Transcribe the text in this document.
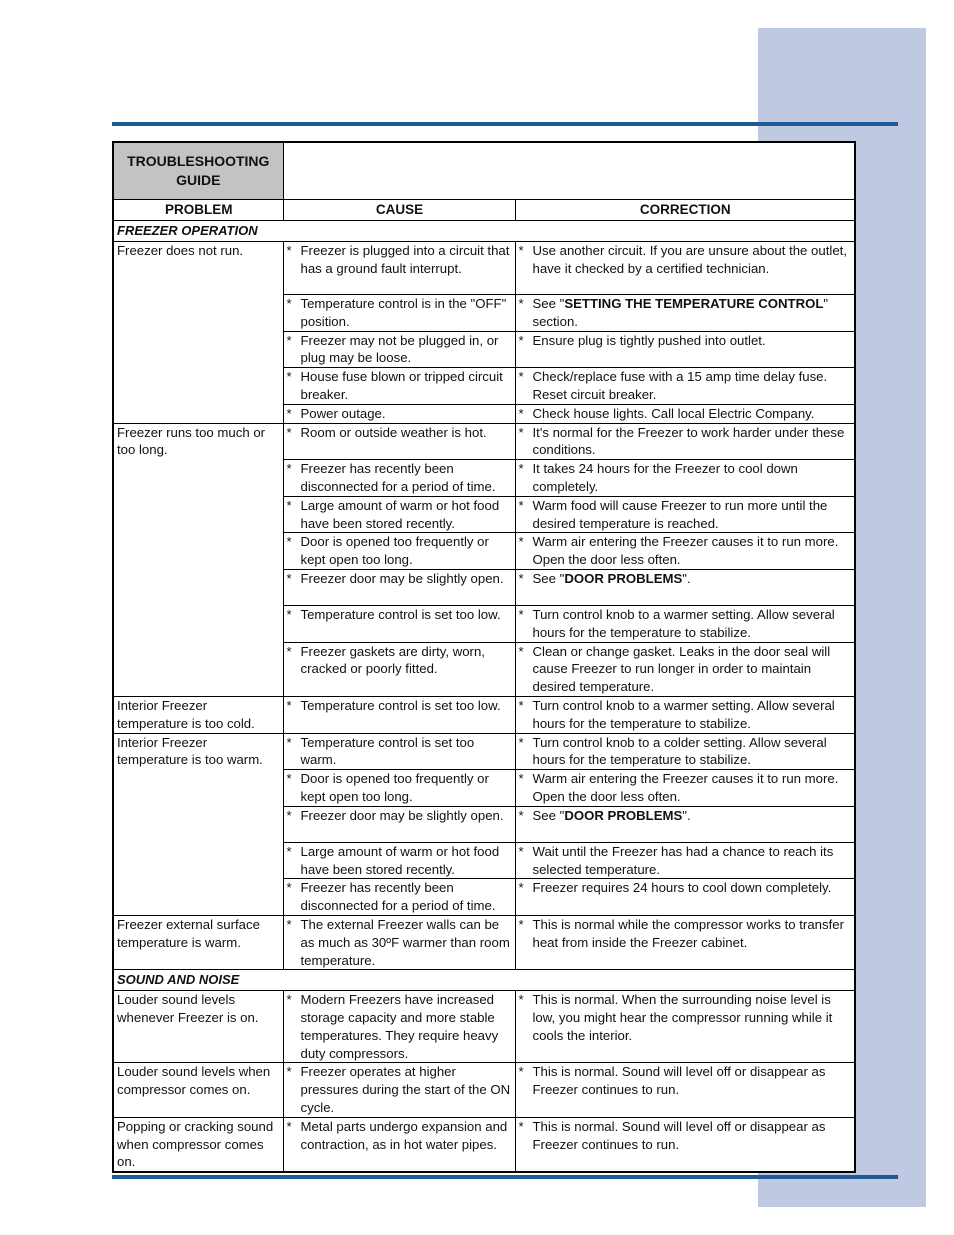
TROUBLESHOOTING GUIDE		
PROBLEM	CAUSE	CORRECTION
FREEZER OPERATION		
Freezer does not run.	* Freezer is plugged into a circuit that has a ground fault interrupt.	* Use another circuit. If you are unsure about the outlet, have it checked by a certified technician.

	* Temperature control is in the "OFF" position.	* See "SETTING THE TEMPERATURE CONTROL" section.

	* Freezer may not be plugged in, or plug may be loose.	* Ensure plug is tightly pushed into outlet.

	* House fuse blown or tripped circuit breaker.	* Check/replace fuse with a 15 amp time delay fuse. Reset circuit breaker.

	* Power outage.	* Check house lights. Call local Electric Company.

Freezer runs too much or too long.	* Room or outside weather is hot.	* It's normal for the Freezer to work harder under these conditions.

	* Freezer has recently been disconnected for a period of time.	* It takes 24 hours for the Freezer to cool down completely.

	* Large amount of warm or hot food have been stored recently.	* Warm food will cause Freezer to run more until the desired temperature is reached.

	* Door is opened too frequently or kept open too long.	* Warm air entering the Freezer causes it to run more. Open the door less often.

	* Freezer door may be slightly open.	* See "DOOR PROBLEMS".

	* Temperature control is set too low.	* Turn control knob to a warmer setting. Allow several hours for the temperature to stabilize.

	* Freezer gaskets are dirty, worn, cracked or poorly fitted.	* Clean or change gasket. Leaks in the door seal will cause Freezer to run longer in order to maintain desired temperature.

Interior Freezer temperature is too cold.	* Temperature control is set too low.	* Turn control knob to a warmer setting. Allow several hours for the temperature to stabilize.

Interior Freezer temperature is too warm.	* Temperature control is set too warm.	* Turn control knob to a colder setting. Allow several hours for the temperature to stabilize.

	* Door is opened too frequently or kept open too long.	* Warm air entering the Freezer causes it to run more. Open the door less often.

	* Freezer door may be slightly open.	* See "DOOR PROBLEMS".

	* Large amount of warm or hot food have been stored recently.	* Wait until the Freezer has had a chance to reach its selected temperature.

	* Freezer has recently been disconnected for a period of time.	* Freezer requires 24 hours to cool down completely.

Freezer external surface temperature is warm.	* The external Freezer walls can be as much as 30ºF warmer than room temperature.	* This is normal while the compressor works to transfer heat from inside the Freezer cabinet.

SOUND AND NOISE		
Louder sound levels whenever Freezer is on.	* Modern Freezers have increased storage capacity and more stable temperatures. They require heavy duty compressors.	* This is normal. When the surrounding noise level is low, you might hear the compressor running while it cools the interior.

Louder sound levels when compressor comes on.	* Freezer operates at higher pressures during the start of the ON cycle.	* This is normal. Sound will level off or disappear as Freezer continues to run.

Popping or cracking sound when compressor comes on.	* Metal parts undergo expansion and contraction, as in hot water pipes.	* This is normal. Sound will level off or disappear as Freezer continues to run.
